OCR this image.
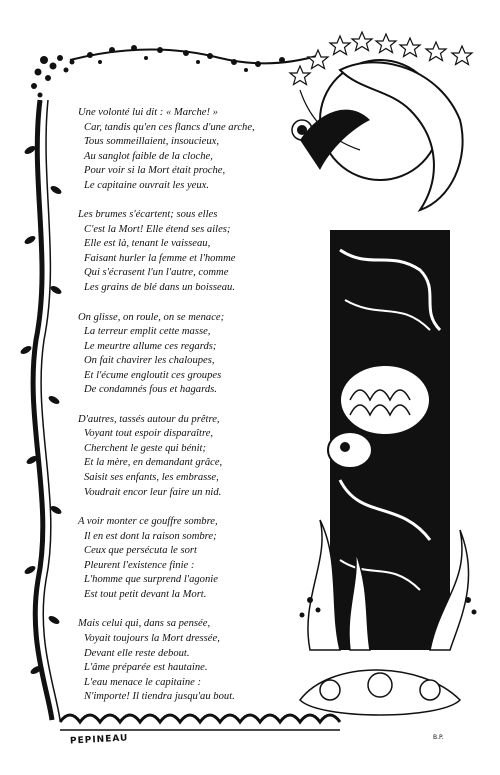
Une volonté lui dit : « Marche! »
Car, tandis qu'en ces flancs d'une arche,
Tous sommeillaient, insoucieux,
Au sanglot faible de la cloche,
Pour voir si la Mort était proche,
Le capitaine ouvrait les yeux.
Les brumes s'écartent; sous elles
C'est la Mort! Elle étend ses ailes;
Elle est là, tenant le vaisseau,
Faisant hurler la femme et l'homme
Qui s'écrasent l'un l'autre, comme
Les grains de blé dans un boisseau.
On glisse, on roule, on se menace;
La terreur emplit cette masse,
Le meurtre allume ces regards;
On fait chavirer les chaloupes,
Et l'écume engloutit ces groupes
De condamnés fous et hagards.
D'autres, tassés autour du prêtre,
Voyant tout espoir disparaître,
Cherchent le geste qui bénit;
Et la mère, en demandant grâce,
Saisit ses enfants, les embrasse,
Voudrait encor leur faire un nid.
A voir monter ce gouffre sombre,
Il en est dont la raison sombre;
Ceux que persécuta le sort
Pleurent l'existence finie :
L'homme que surprend l'agonie
Est tout petit devant la Mort.
Mais celui qui, dans sa pensée,
Voyait toujours la Mort dressée,
Devant elle reste debout.
L'âme préparée est hautaine.
L'eau menace le capitaine :
N'importe! Il tiendra jusqu'au bout.
PEPINEAU	B.P.
